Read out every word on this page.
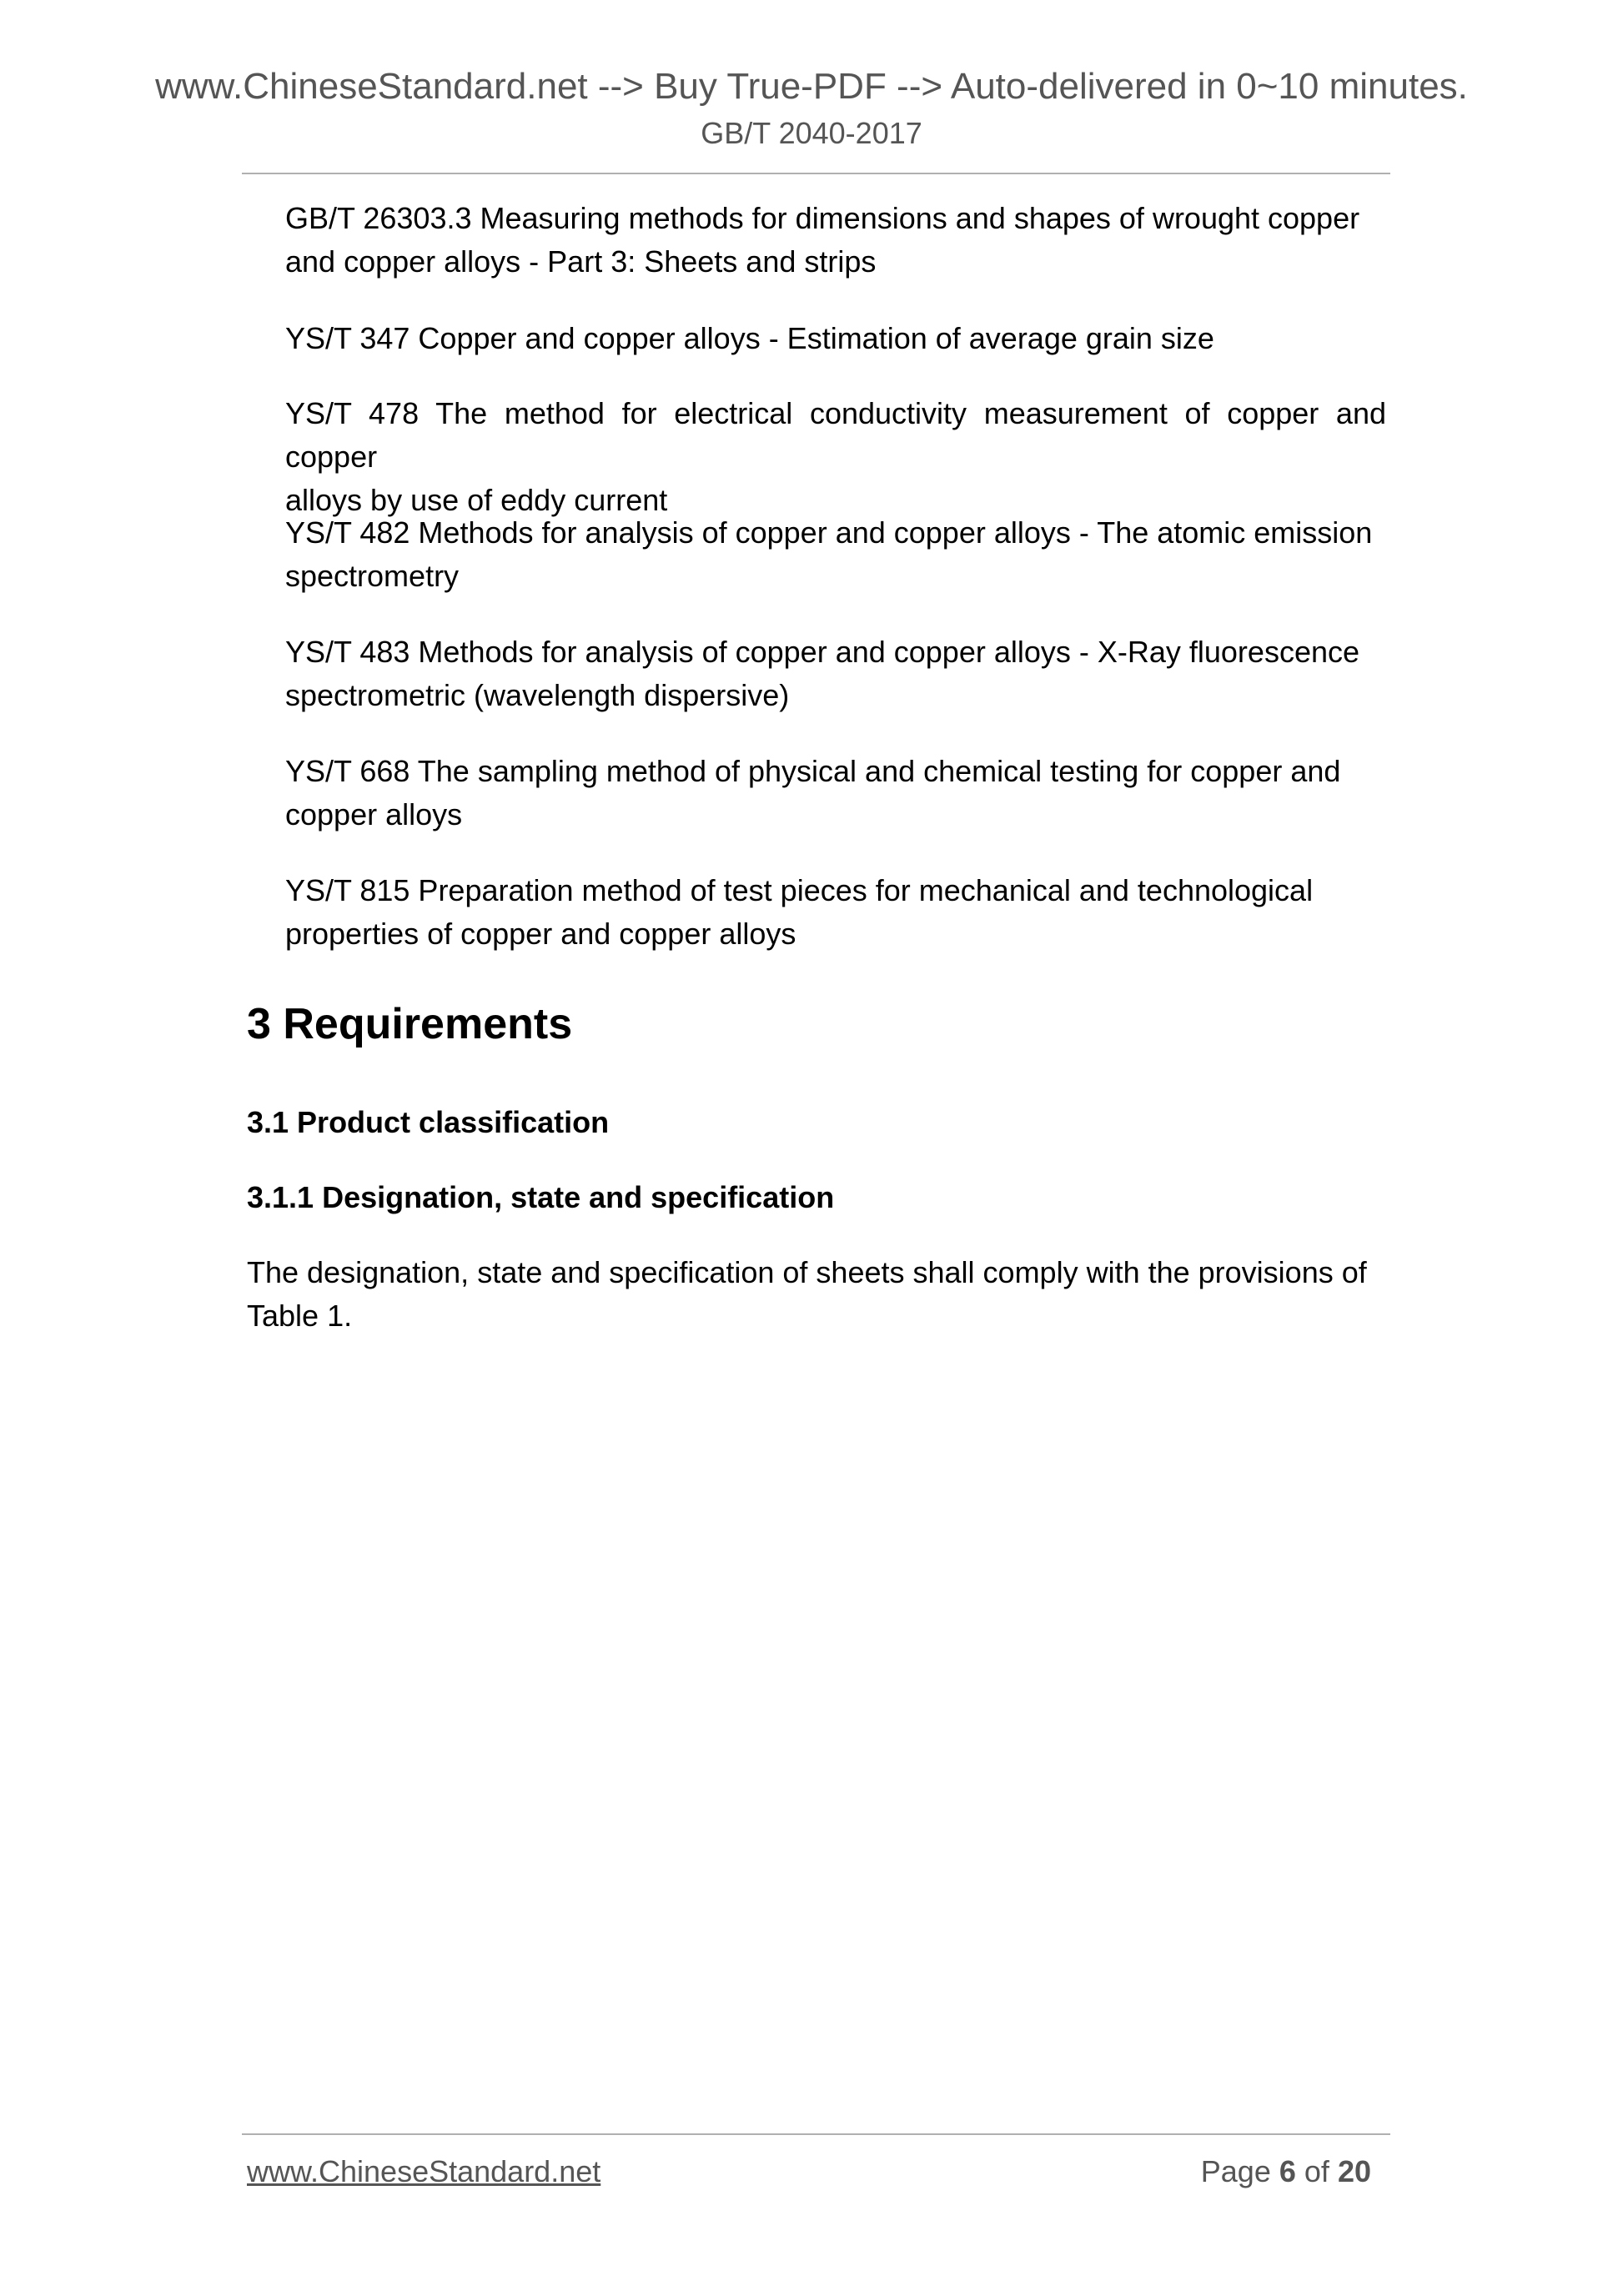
www.ChineseStandard.net --> Buy True-PDF --> Auto-delivered in 0~10 minutes.
GB/T 2040-2017

GB/T 26303.3 Measuring methods for dimensions and shapes of wrought copper
and copper alloys - Part 3: Sheets and strips

YS/T 347 Copper and copper alloys - Estimation of average grain size

YS/T 478 The method for electrical conductivity measurement of copper and copper
alloys by use of eddy current

YS/T 482 Methods for analysis of copper and copper alloys - The atomic emission
spectrometry

YS/T 483 Methods for analysis of copper and copper alloys - X-Ray fluorescence
spectrometric (wavelength dispersive)

YS/T 668 The sampling method of physical and chemical testing for copper and
copper alloys

YS/T 815 Preparation method of test pieces for mechanical and technological
properties of copper and copper alloys

3 Requirements
3.1 Product classification
3.1.1 Designation, state and specification

The designation, state and specification of sheets shall comply with the provisions of
Table 1.

www.ChineseStandard.net	Page 6 of 20
